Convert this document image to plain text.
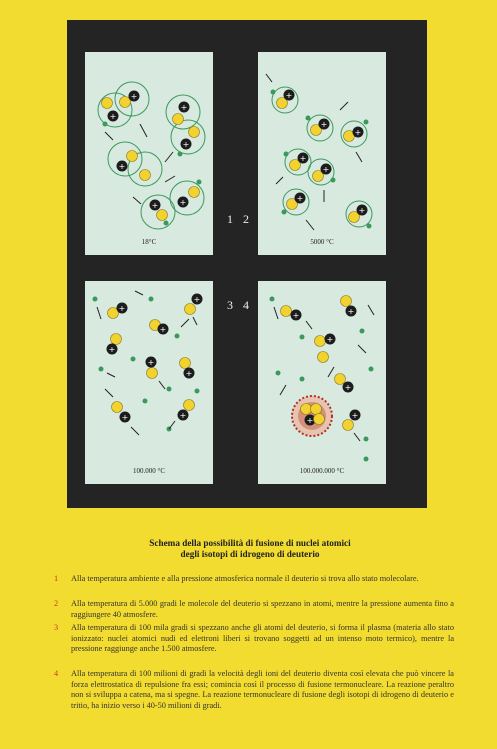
+
+
+
+
+
+
+
18°C
+
+
+
+
+
+
+
5000 °C
+
+
+
+
+
+
+	+
100.000 °C
+
+	+
+
+
+
100.000.000 °C
1 2
3 4
Schema della possibilità di fusione di nuclei atomici
degli isotopi di idrogeno di deuterio
1 Alla temperatura ambiente e alla pressione atmosferica normale il deuterio si trova allo stato molecolare.
2 Alla temperatura di 5.000 gradi le molecole del deuterio si spezzano in atomi, mentre la pressione aumenta fino a raggiungere 40 atmosfere.
3 Alla temperatura di 100 mila gradi si spezzano anche gli atomi del deuterio, si forma il plasma (materia allo stato ionizzato: nuclei atomici nudi ed elettroni liberi si trovano soggetti ad un intenso moto termico), mentre la pressione raggiunge anche 1.500 atmosfere.
4 Alla temperatura di 100 milioni di gradi la velocità degli ioni del deuterio diventa così elevata che può vincere la forza elettrostatica di repulsione fra essi; comincia così il processo di fusione termonucleare. La reazione peraltro non si sviluppa a catena, ma si spegne. La reazione termonucleare di fusione degli isotopi di idrogeno di deuterio e tritio, ha inizio verso i 40-50 milioni di gradi.
